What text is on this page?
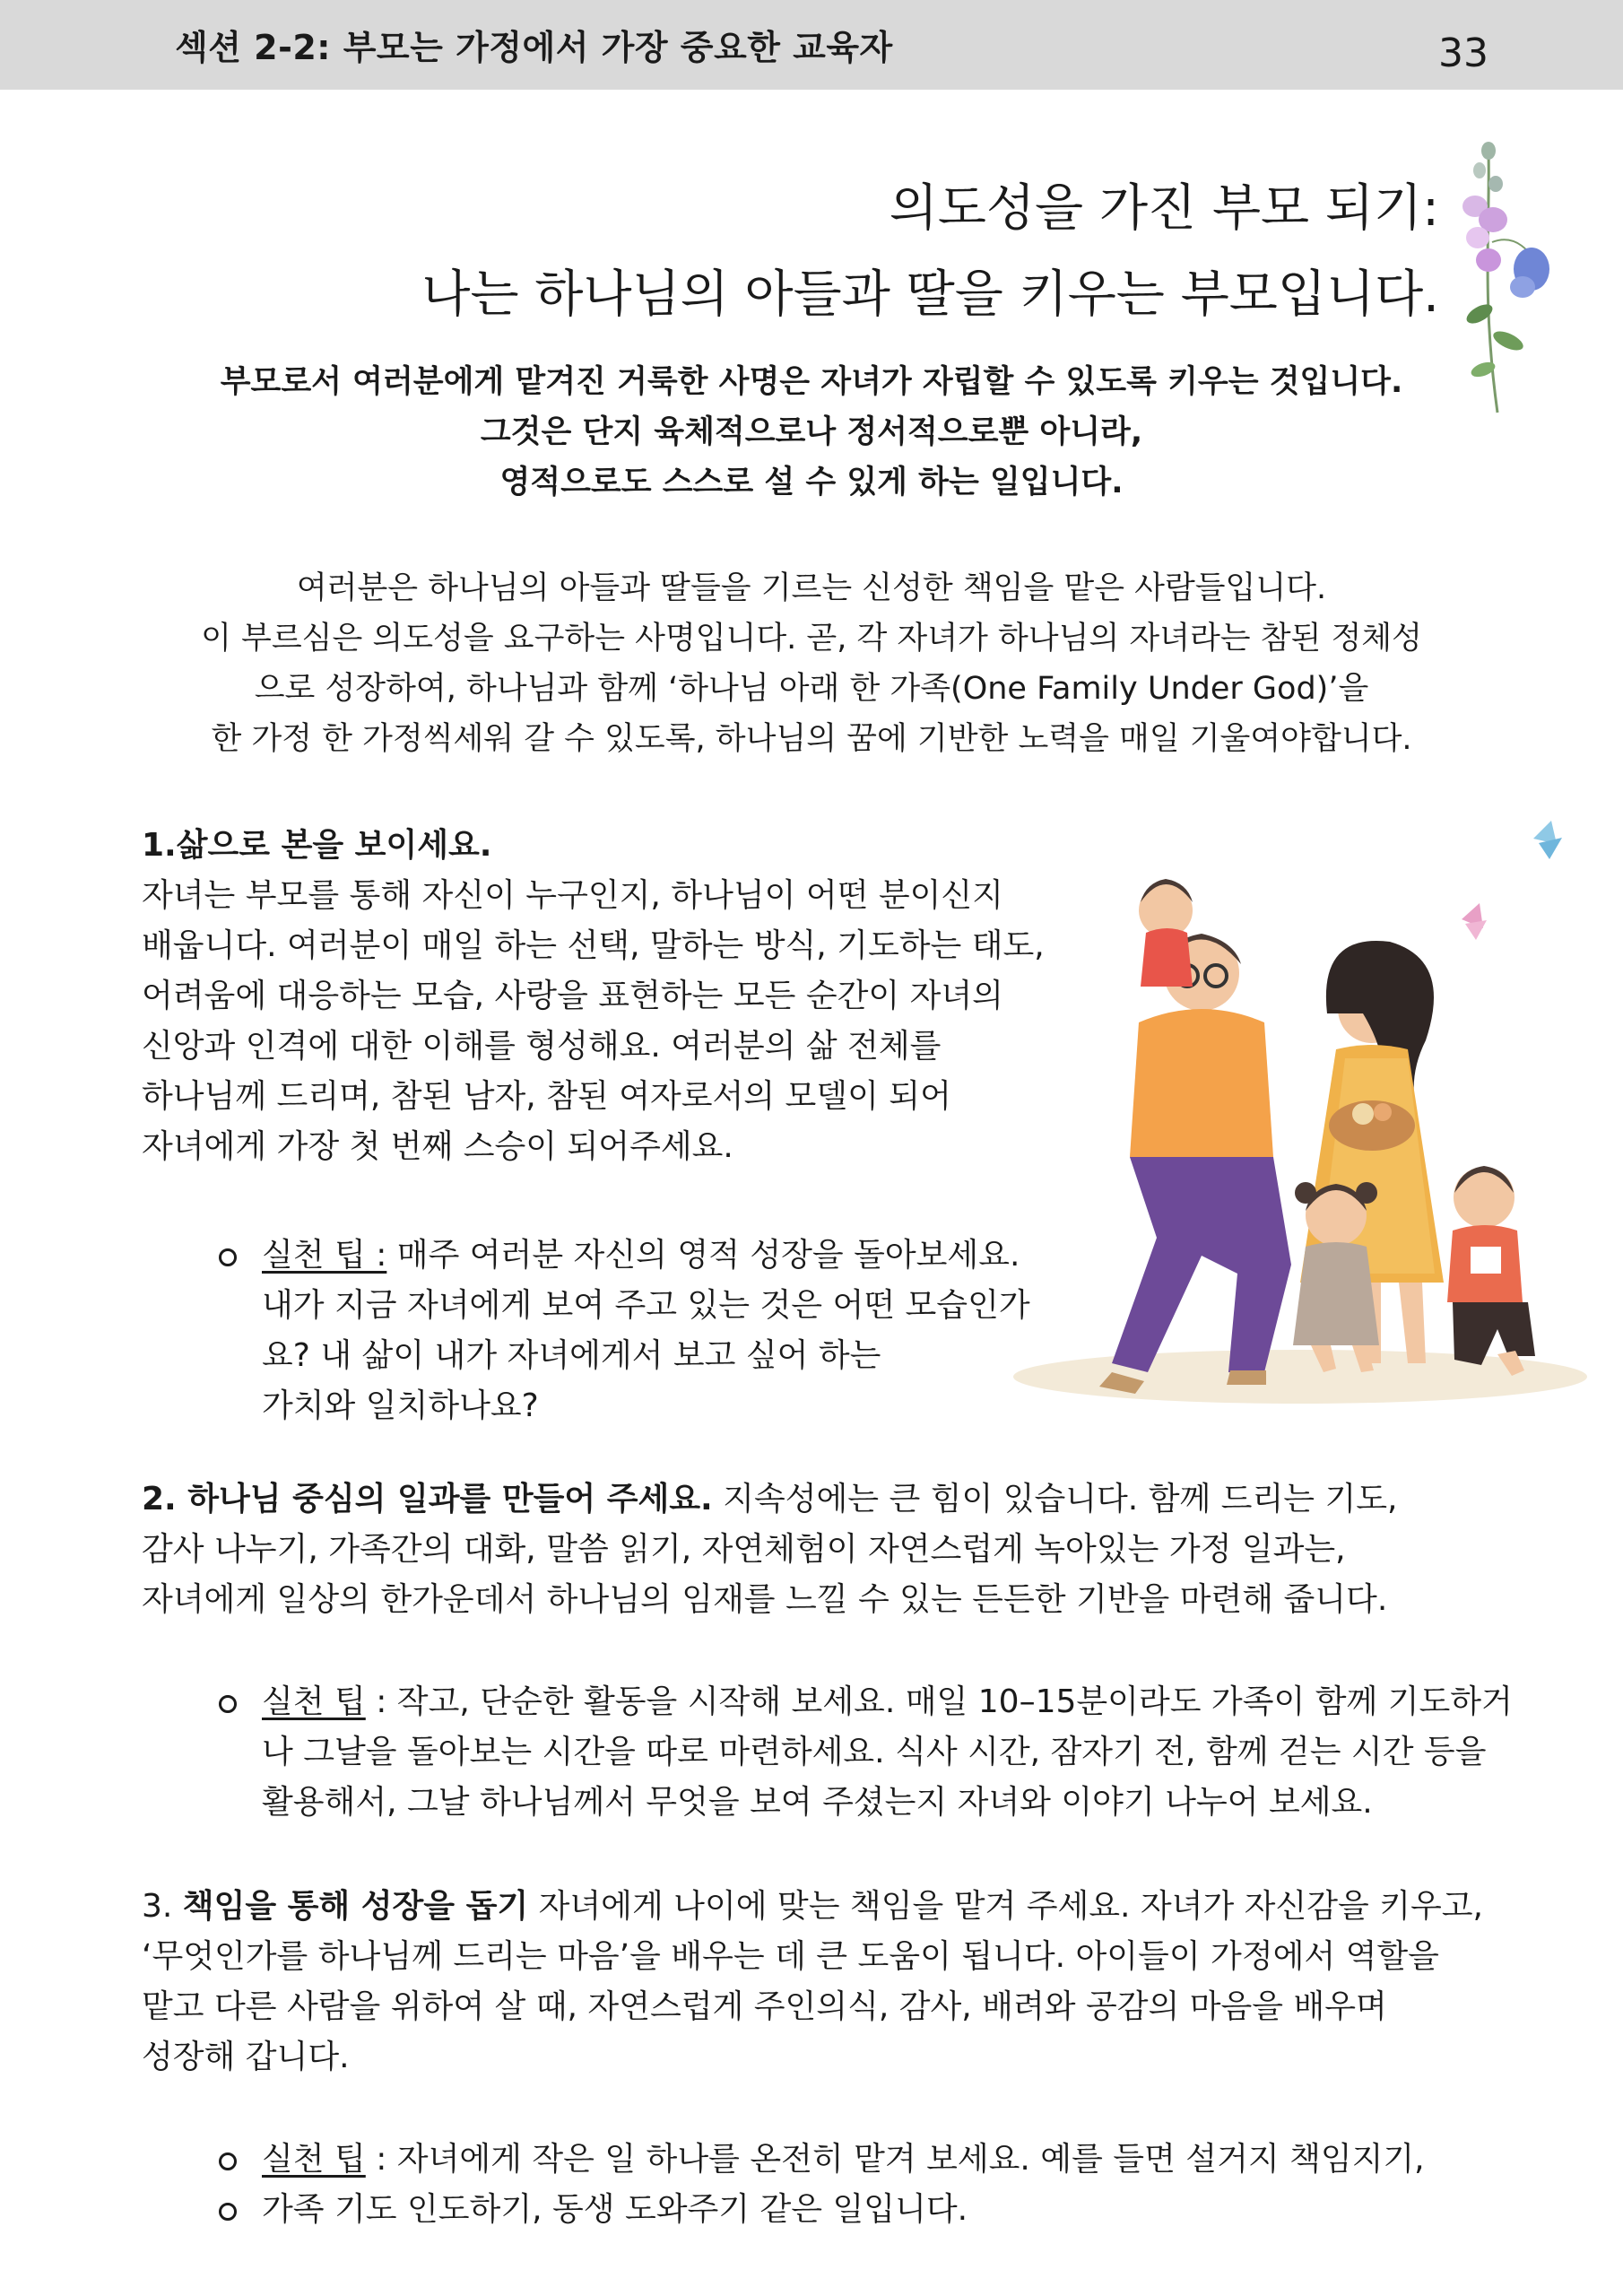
섹션 2-2: 부모는 가정에서 가장 중요한 교육자	33
의도성을 가진 부모 되기:
나는 하나님의 아들과 딸을 키우는 부모입니다.
부모로서 여러분에게 맡겨진 거룩한 사명은 자녀가 자립할 수 있도록 키우는 것입니다.
그것은 단지 육체적으로나 정서적으로뿐 아니라,
영적으로도 스스로 설 수 있게 하는 일입니다.
여러분은 하나님의 아들과 딸들을 기르는 신성한 책임을 맡은 사람들입니다.
이 부르심은 의도성을 요구하는 사명입니다. 곧, 각 자녀가 하나님의 자녀라는 참된 정체성
으로 성장하여, 하나님과 함께 ‘하나님 아래 한 가족(One Family Under God)’을
한 가정 한 가정씩세워 갈 수 있도록, 하나님의 꿈에 기반한 노력을 매일 기울여야합니다.
1.삶으로 본을 보이세요.
자녀는 부모를 통해 자신이 누구인지, 하나님이 어떤 분이신지
배웁니다. 여러분이 매일 하는 선택, 말하는 방식, 기도하는 태도,
어려움에 대응하는 모습, 사랑을 표현하는 모든 순간이 자녀의
신앙과 인격에 대한 이해를 형성해요. 여러분의 삶 전체를
하나님께 드리며, 참된 남자, 참된 여자로서의 모델이 되어
자녀에게 가장 첫 번째 스승이 되어주세요.
실천 팁 : 매주 여러분 자신의 영적 성장을 돌아보세요.
내가 지금 자녀에게 보여 주고 있는 것은 어떤 모습인가
요? 내 삶이 내가 자녀에게서 보고 싶어 하는
가치와 일치하나요?
2. 하나님 중심의 일과를 만들어 주세요. 지속성에는 큰 힘이 있습니다. 함께 드리는 기도,
감사 나누기, 가족간의 대화, 말씀 읽기, 자연체험이 자연스럽게 녹아있는 가정 일과는,
자녀에게 일상의 한가운데서 하나님의 임재를 느낄 수 있는 든든한 기반을 마련해 줍니다.
실천 팁 : 작고, 단순한 활동을 시작해 보세요. 매일 10–15분이라도 가족이 함께 기도하거
나 그날을 돌아보는 시간을 따로 마련하세요. 식사 시간, 잠자기 전, 함께 걷는 시간 등을
활용해서, 그날 하나님께서 무엇을 보여 주셨는지 자녀와 이야기 나누어 보세요.
3. 책임을 통해 성장을 돕기 자녀에게 나이에 맞는 책임을 맡겨 주세요. 자녀가 자신감을 키우고,
‘무엇인가를 하나님께 드리는 마음’을 배우는 데 큰 도움이 됩니다. 아이들이 가정에서 역할을
맡고 다른 사람을 위하여 살 때, 자연스럽게 주인의식, 감사, 배려와 공감의 마음을 배우며
성장해 갑니다.
실천 팁 : 자녀에게 작은 일 하나를 온전히 맡겨 보세요. 예를 들면 설거지 책임지기,
가족 기도 인도하기, 동생 도와주기 같은 일입니다.
